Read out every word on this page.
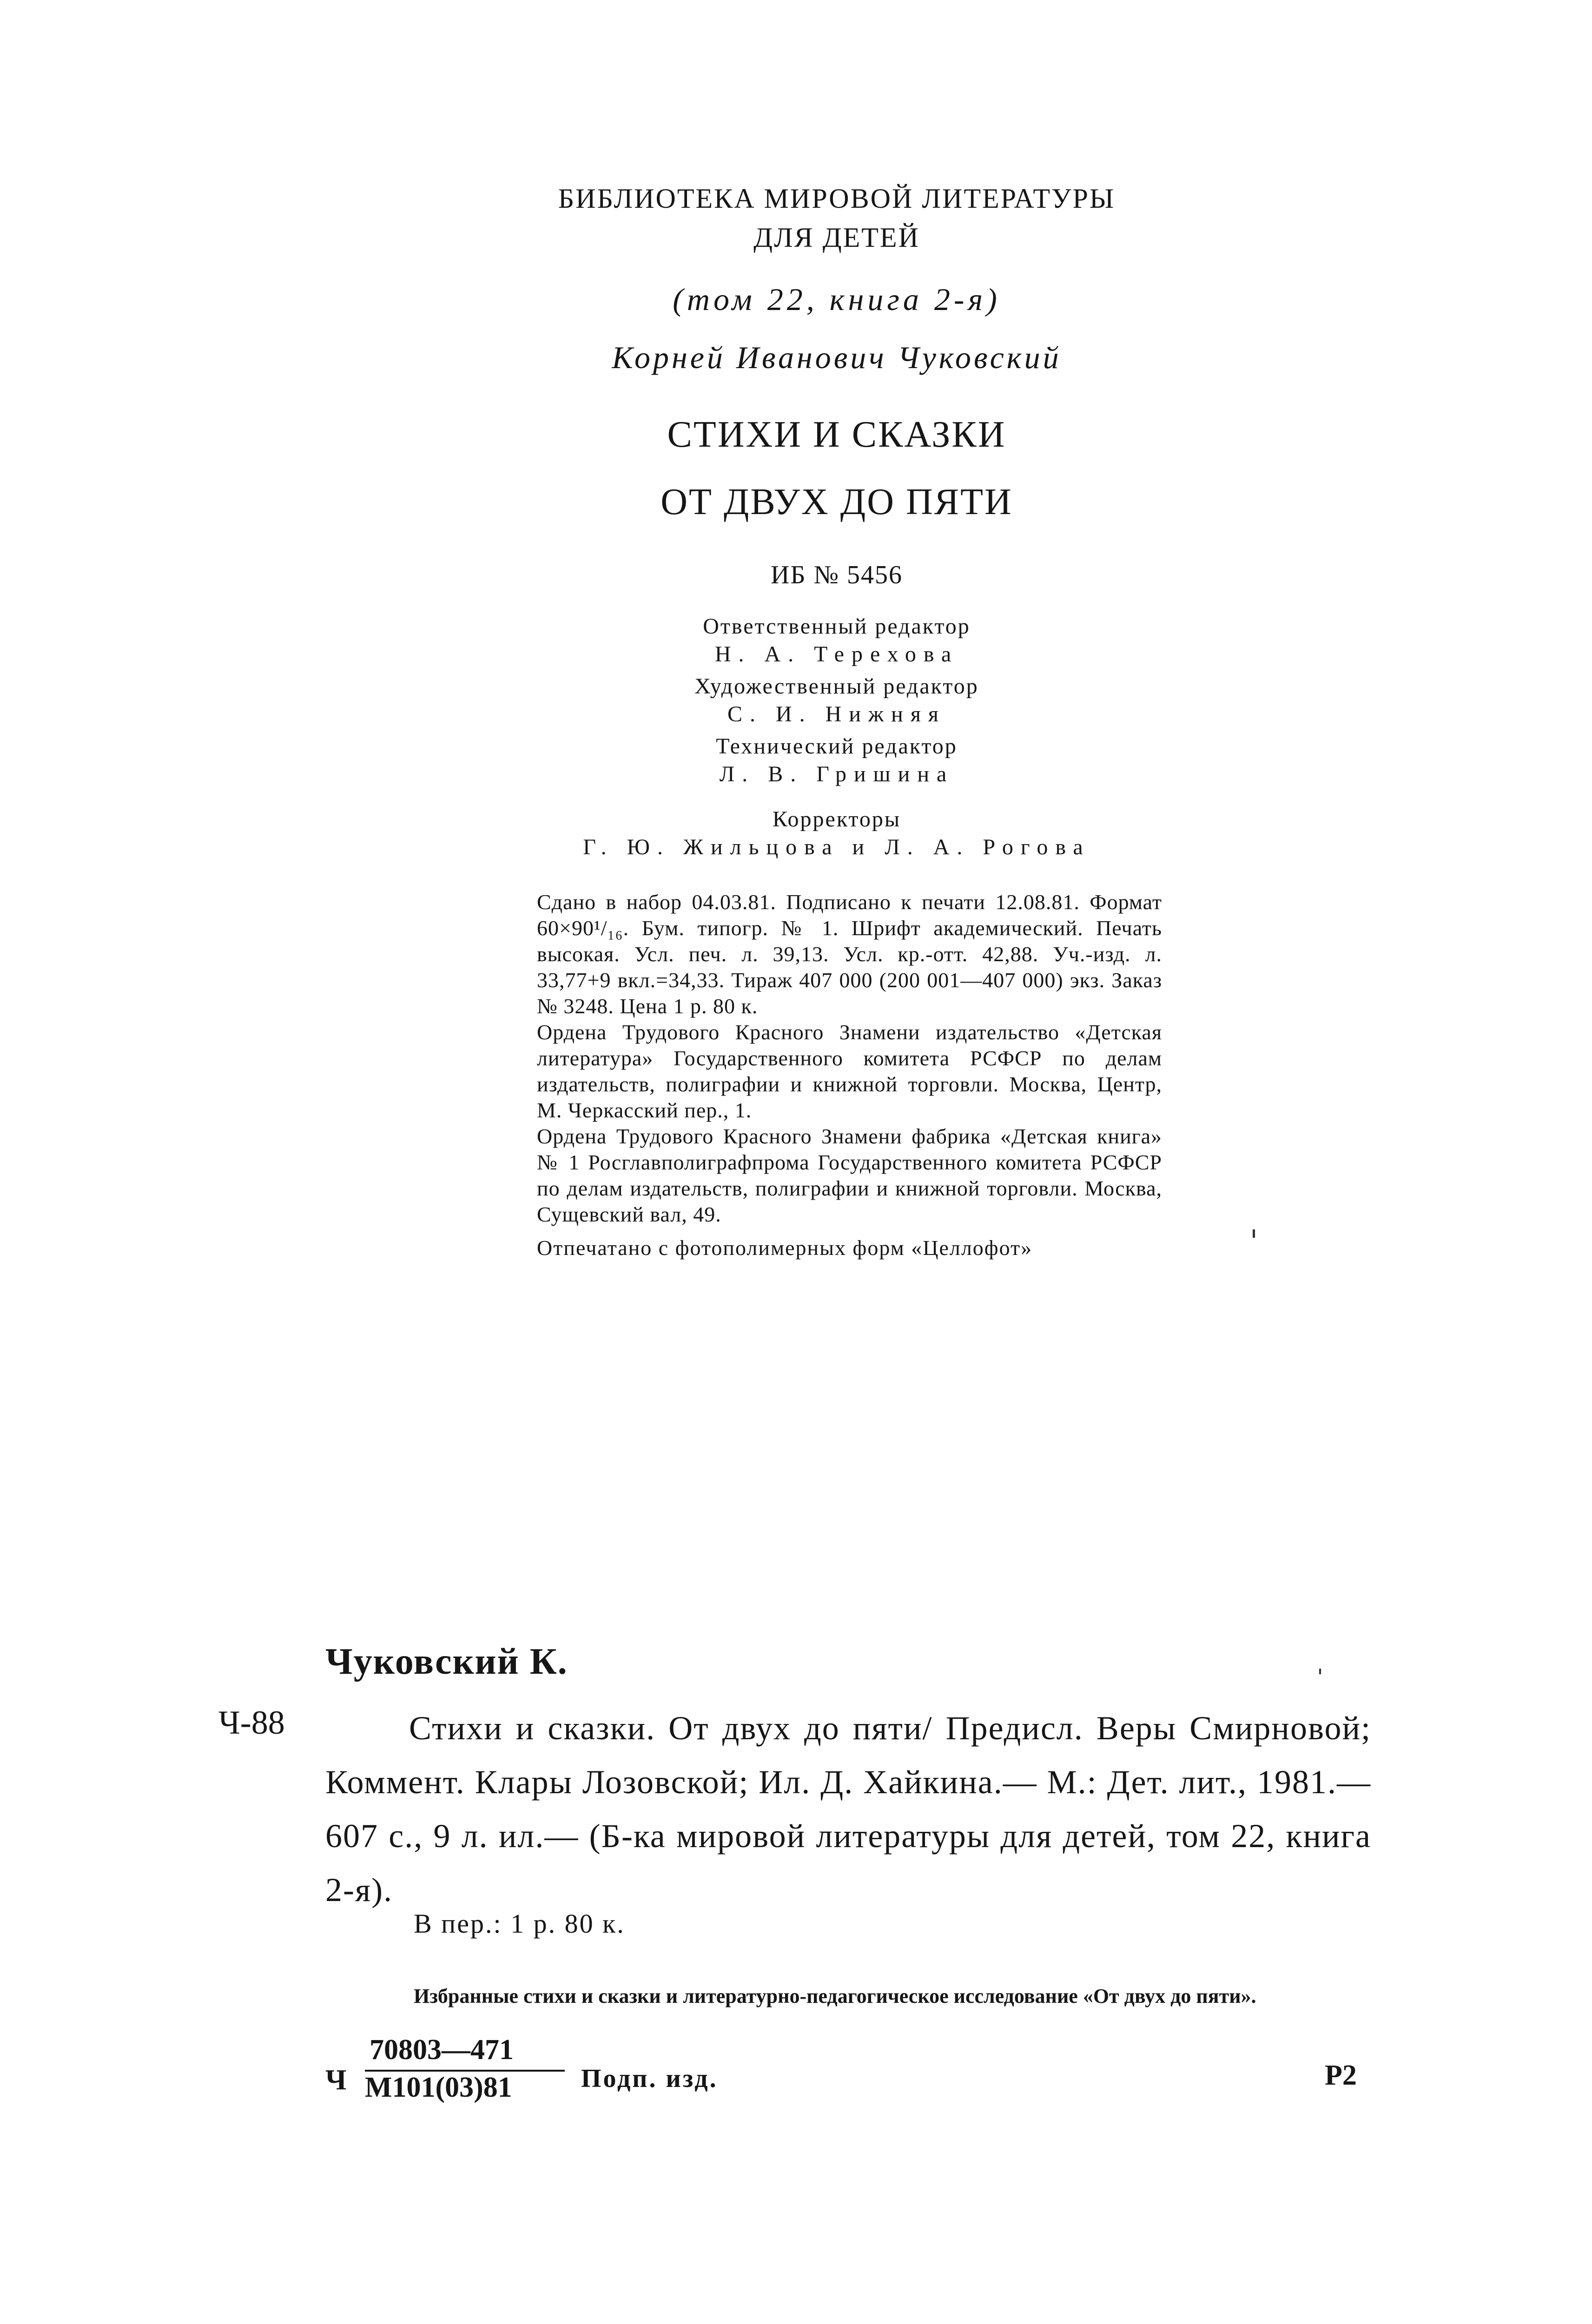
БИБЛИОТЕКА МИРОВОЙ ЛИТЕРАТУРЫ
ДЛЯ ДЕТЕЙ
(том 22, книга 2-я)
Корней Иванович Чуковский
СТИХИ И СКАЗКИ
ОТ ДВУХ ДО ПЯТИ
ИБ № 5456
Ответственный редактор
Н. А. Терехова
Художественный редактор
С. И. Нижняя
Технический редактор
Л. В. Гришина
Корректоры
Г. Ю. Жильцова и Л. А. Рогова
Сдано в набор 04.03.81. Подписано к печати 12.08.81. Формат 60×90¹/₁₆. Бум. типогр. № 1. Шрифт академический. Печать высокая. Усл. печ. л. 39,13. Усл. кр.-отт. 42,88. Уч.-изд. л. 33,77+9 вкл.=34,33. Тираж 407 000 (200 001—407 000) экз. Заказ № 3248. Цена 1 р. 80 к.
Ордена Трудового Красного Знамени издательство «Детская литература» Государственного комитета РСФСР по делам издательств, полиграфии и книжной торговли. Москва, Центр, М. Черкасский пер., 1.
Ордена Трудового Красного Знамени фабрика «Детская книга» № 1 Росглавполиграфпрома Государственного комитета РСФСР по делам издательств, полиграфии и книжной торговли. Москва, Сущевский вал, 49.
Отпечатано с фотополимерных форм «Целлофот»
Чуковский К.
Ч-88	Стихи и сказки. От двух до пяти/ Предисл. Веры Смирновой; Коммент. Клары Лозовской; Ил. Д. Хайкина.— М.: Дет. лит., 1981.— 607 с., 9 л. ил.— (Б-ка мировой литературы для детей, том 22, книга 2-я).
В пер.: 1 р. 80 к.
Избранные стихи и сказки и литературно-педагогическое исследование «От двух до пяти».
Ч
70803—471
М101(03)81	Подп. изд.	Р2
